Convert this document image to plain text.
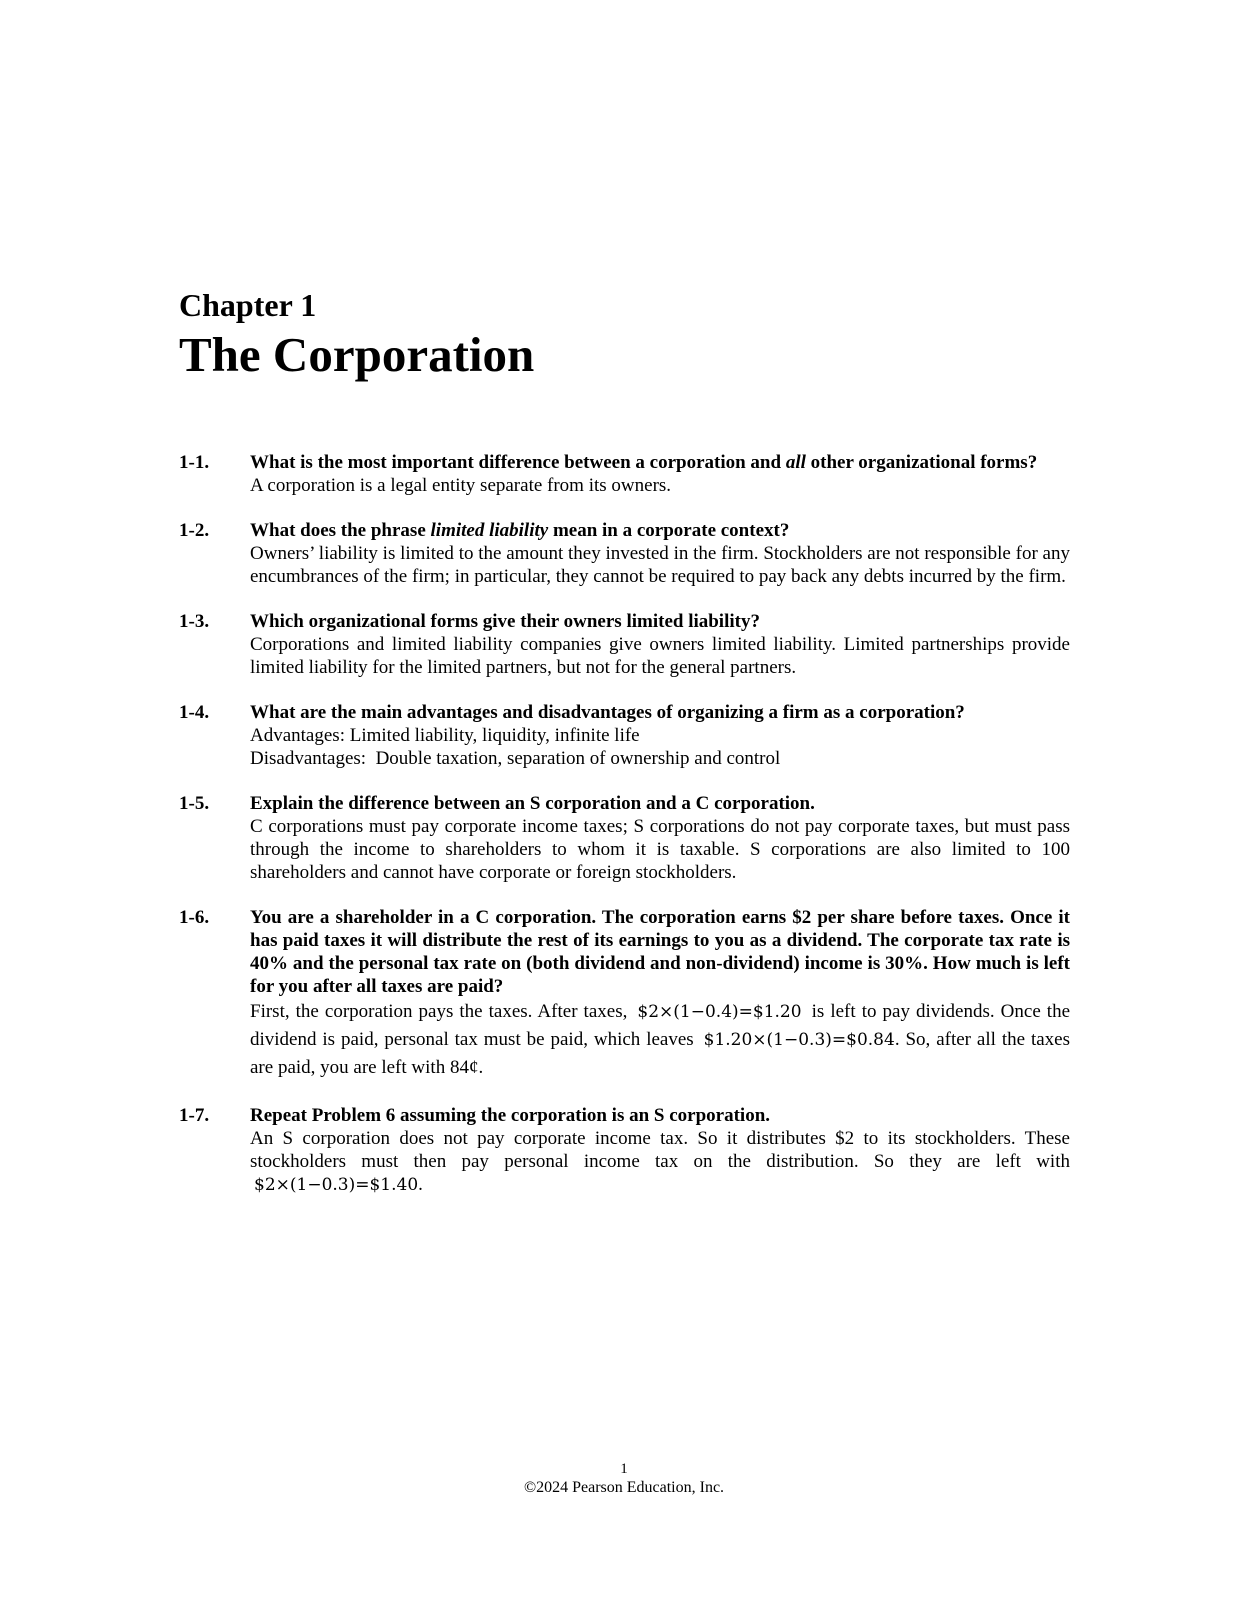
Chapter 1
The Corporation
1-1.	What is the most important difference between a corporation and all other organizational forms?
A corporation is a legal entity separate from its owners.
1-2.	What does the phrase limited liability mean in a corporate context?
Owners’ liability is limited to the amount they invested in the firm. Stockholders are not responsible for any encumbrances of the firm; in particular, they cannot be required to pay back any debts incurred by the firm.
1-3.	Which organizational forms give their owners limited liability?
Corporations and limited liability companies give owners limited liability. Limited partnerships provide limited liability for the limited partners, but not for the general partners.
1-4.	What are the main advantages and disadvantages of organizing a firm as a corporation?
Advantages: Limited liability, liquidity, infinite life
Disadvantages:  Double taxation, separation of ownership and control
1-5.	Explain the difference between an S corporation and a C corporation.
C corporations must pay corporate income taxes; S corporations do not pay corporate taxes, but must pass through the income to shareholders to whom it is taxable. S corporations are also limited to 100 shareholders and cannot have corporate or foreign stockholders.
1-6.	You are a shareholder in a C corporation. The corporation earns $2 per share before taxes. Once it has paid taxes it will distribute the rest of its earnings to you as a dividend. The corporate tax rate is 40% and the personal tax rate on (both dividend and non-dividend) income is 30%. How much is left for you after all taxes are paid?
First, the corporation pays the taxes. After taxes, $2×(1−0.4)=$1.20 is left to pay dividends. Once the dividend is paid, personal tax must be paid, which leaves $1.20×(1−0.3)=$0.84. So, after all the taxes are paid, you are left with 84¢.
1-7.	Repeat Problem 6 assuming the corporation is an S corporation.
An S corporation does not pay corporate income tax. So it distributes $2 to its stockholders. These stockholders must then pay personal income tax on the distribution. So they are left with $2×(1−0.3)=$1.40.
1
©2024 Pearson Education, Inc.
